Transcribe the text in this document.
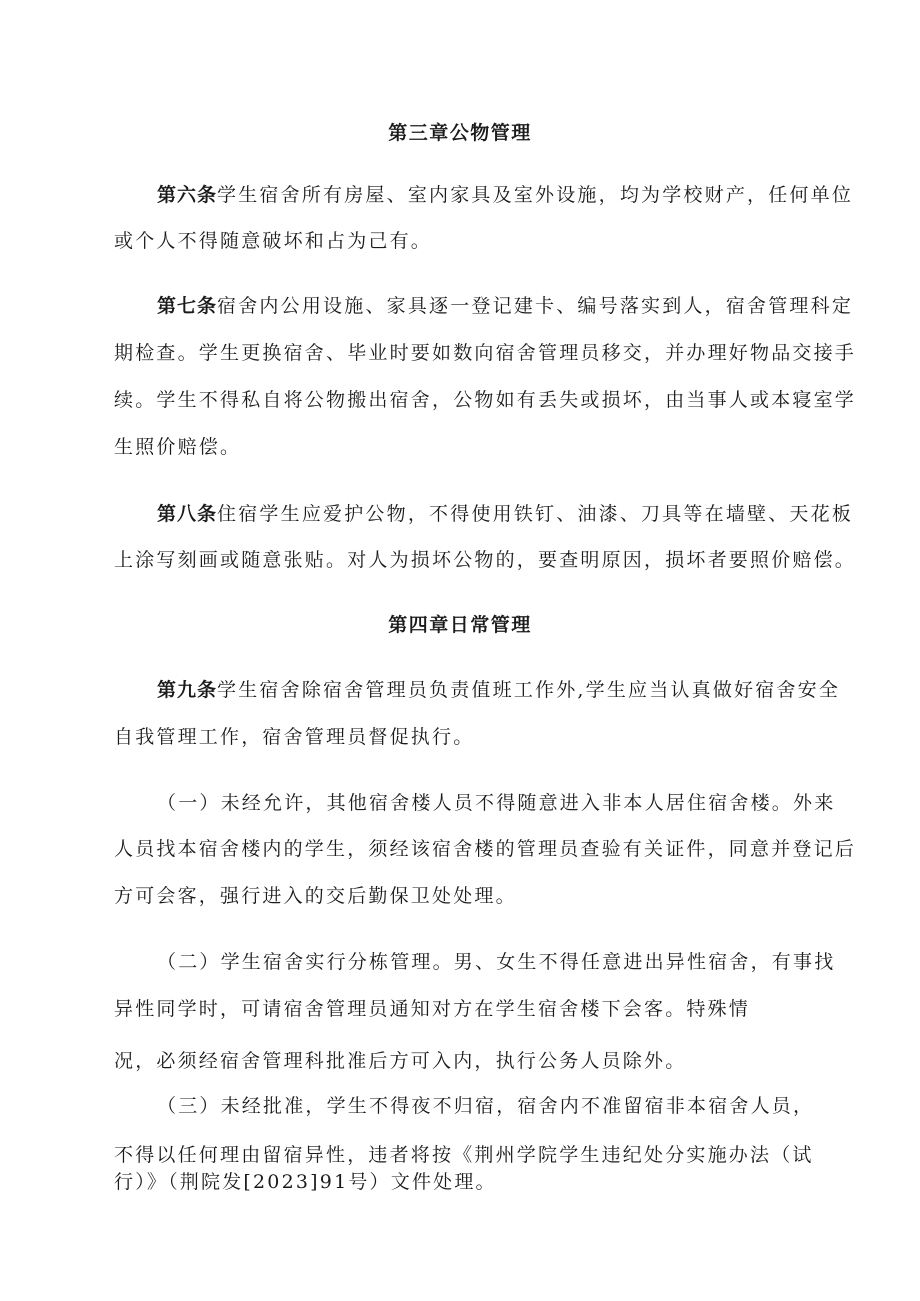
第三章公物管理
第六条学生宿舍所有房屋、室内家具及室外设施，均为学校财产，任何单位
或个人不得随意破坏和占为己有。
第七条宿舍内公用设施、家具逐一登记建卡、编号落实到人，宿舍管理科定
期检查。学生更换宿舍、毕业时要如数向宿舍管理员移交，并办理好物品交接手
续。学生不得私自将公物搬出宿舍，公物如有丢失或损坏，由当事人或本寝室学
生照价赔偿。
第八条住宿学生应爱护公物，不得使用铁钉、油漆、刀具等在墙壁、天花板
上涂写刻画或随意张贴。对人为损坏公物的，要查明原因，损坏者要照价赔偿。
第四章日常管理
第九条学生宿舍除宿舍管理员负责值班工作外,学生应当认真做好宿舍安全
自我管理工作，宿舍管理员督促执行。
（一）未经允许，其他宿舍楼人员不得随意进入非本人居住宿舍楼。外来
人员找本宿舍楼内的学生，须经该宿舍楼的管理员查验有关证件，同意并登记后
方可会客，强行进入的交后勤保卫处处理。
（二）学生宿舍实行分栋管理。男、女生不得任意进出异性宿舍，有事找
异性同学时，可请宿舍管理员通知对方在学生宿舍楼下会客。特殊情
况，必须经宿舍管理科批准后方可入内，执行公务人员除外。
（三）未经批准，学生不得夜不归宿，宿舍内不准留宿非本宿舍人员，
不得以任何理由留宿异性，违者将按《荆州学院学生违纪处分实施办法（试
行）》（荆院发[2023]91号）文件处理。
